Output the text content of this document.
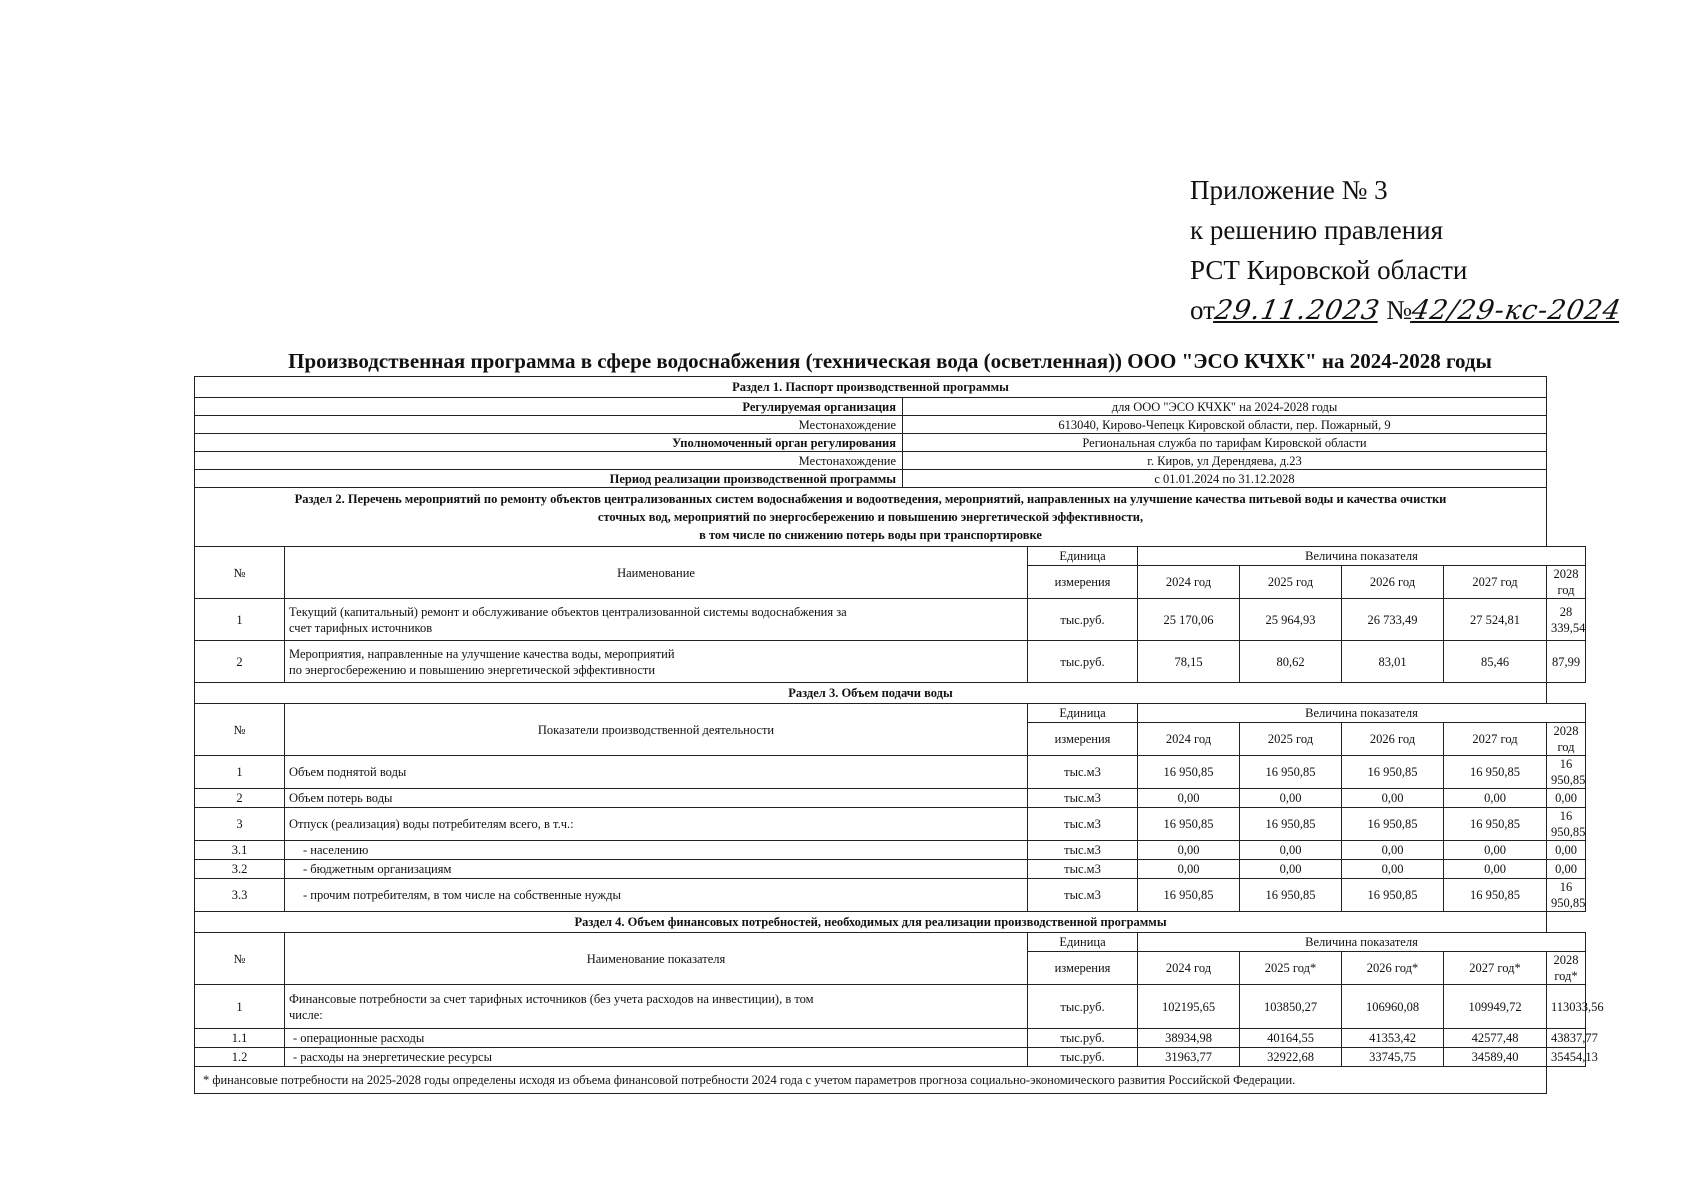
Приложение № 3
к решению правления
РСТ Кировской области
от29.11.2023 №42/29-кс-2024
Производственная программа в сфере водоснабжения (техническая вода (осветленная)) ООО "ЭСО КЧХК" на 2024-2028 годы
Раздел 1. Паспорт производственной программы								
Регулируемая организация		для ООО "ЭСО КЧХК" на 2024-2028 годы						
Местонахождение		613040, Кирово-Чепецк Кировской области, пер. Пожарный, 9						
Уполномоченный орган регулирования		Региональная служба по тарифам Кировской области						
Местонахождение		г. Киров, ул Дерендяева, д.23						
Период реализации производственной программы		с 01.01.2024 по 31.12.2028						

Раздел 2. Перечень мероприятий по ремонту объектов централизованных систем водоснабжения и водоотведения, мероприятий, направленных на улучшение качества питьевой воды и качества очистки
сточных вод, мероприятий по энергосбережению и повышению энергетической эффективности,
в том числе по снижению потерь воды при транспортировке								

№	Наименование		Единица	Величина показателя				
			измерения	2024 год	2025 год	2026 год	2027 год	2028 год
1	Текущий (капитальный) ремонт и обслуживание объектов централизованной системы водоснабжения за
счет тарифных источников		тыс.руб.	25 170,06	25 964,93	26 733,49	27 524,81	28 339,54
2	Мероприятия, направленные на улучшение качества воды, мероприятий
по энергосбережению и повышению энергетической эффективности		тыс.руб.	78,15	80,62	83,01	85,46	87,99
Раздел 3. Объем подачи воды								
№	Показатели производственной деятельности		Единица	Величина показателя				
			измерения	2024 год	2025 год	2026 год	2027 год	2028 год
1	Объем поднятой воды		тыс.м3	16 950,85	16 950,85	16 950,85	16 950,85	16 950,85
2	Объем потерь воды		тыс.м3	0,00	0,00	0,00	0,00	0,00
3	Отпуск (реализация) воды потребителям всего, в т.ч.:		тыс.м3	16 950,85	16 950,85	16 950,85	16 950,85	16 950,85
3.1	- населению		тыс.м3	0,00	0,00	0,00	0,00	0,00
3.2	- бюджетным организациям		тыс.м3	0,00	0,00	0,00	0,00	0,00
3.3	- прочим потребителям, в том числе на собственные нужды		тыс.м3	16 950,85	16 950,85	16 950,85	16 950,85	16 950,85
Раздел 4. Объем финансовых потребностей, необходимых для реализации производственной программы								
№	Наименование показателя		Единица	Величина показателя				
			измерения	2024 год	2025 год*	2026 год*	2027 год*	2028 год*
1	Финансовые потребности за счет тарифных источников (без учета расходов на инвестиции), в том
числе:		тыс.руб.	102195,65	103850,27	106960,08	109949,72	113033,56
1.1	- операционные расходы		тыс.руб.	38934,98	40164,55	41353,42	42577,48	43837,77
1.2	- расходы на энергетические ресурсы		тыс.руб.	31963,77	32922,68	33745,75	34589,40	35454,13
* финансовые потребности на 2025-2028 годы определены исходя из объема финансовой потребности 2024 года с учетом параметров прогноза социально-экономического развития Российской Федерации.								
